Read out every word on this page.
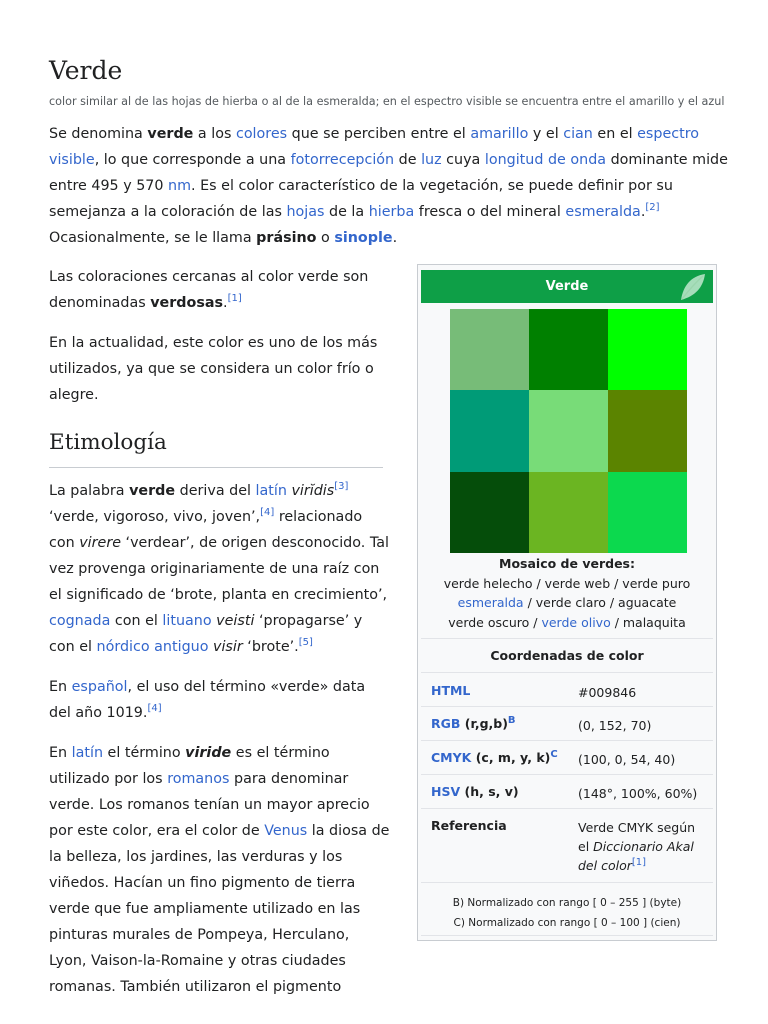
Verde
color similar al de las hojas de hierba o al de la esmeralda; en el espectro visible se encuentra entre el amarillo y el azul

Se denomina verde a los colores que se perciben entre el amarillo y el cian en el espectro visible, lo que corresponde a una fotorrecepción de luz cuya longitud de onda dominante mide entre 495 y 570 nm. Es el color característico de la vegetación, se puede definir por su semejanza a la coloración de las hojas de la hierba fresca o del mineral esmeralda.[2] Ocasionalmente, se le llama prásino o sinople.

Las coloraciones cercanas al color verde son denominadas verdosas.[1]

En la actualidad, este color es uno de los más utilizados, ya que se considera un color frío o alegre.

Etimología

La palabra verde deriva del latín virĭdis[3] ‘verde, vigoroso, vivo, joven’,[4] relacionado con virere ‘verdear’, de origen desconocido. Tal vez provenga originariamente de una raíz con el significado de ‘brote, planta en crecimiento’, cognada con el lituano veisti ‘propagarse’ y con el nórdico antiguo visir ‘brote’.[5]

En español, el uso del término «verde» data del año 1019.[4]

En latín el término viride es el término utilizado por los romanos para denominar verde. Los romanos tenían un mayor aprecio por este color, era el color de Venus la diosa de la belleza, los jardines, las verduras y los viñedos. Hacían un fino pigmento de tierra verde que fue ampliamente utilizado en las pinturas murales de Pompeya, Herculano, Lyon, Vaison-la-Romaine y otras ciudades romanas. También utilizaron el pigmento

Verde
Mosaico de verdes:
verde helecho / verde web / verde puro
esmeralda / verde claro / aguacate
verde oscuro / verde olivo / malaquita
Coordenadas de color
HTML	#009846
RGB $(r,g,b)^B$	(0, 152, 70)
CMYK (c, m, y, k)$^C$ (100, 0, 54, 40)
HSV (h, s, v)	(148°, 100%, 60%)
Referencia	Verde CMYK según el Diccionario Akal del color[1]
B) Normalizado con rango [ 0 – 255 ] (byte)
C) Normalizado con rango [ 0 – 100 ] (cien)
